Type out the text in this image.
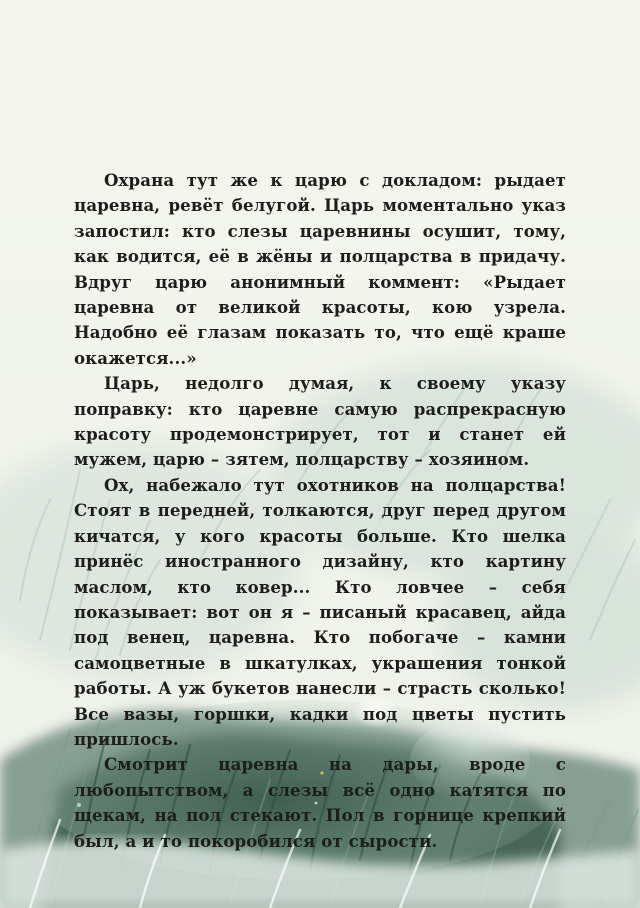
Охрана тут же к царю с докладом: рыдает царевна, ревёт белугой. Царь моментально указ запостил: кто слезы царевнины осушит, тому, как водится, её в жёны и полцарства в придачу. Вдруг царю анонимный коммент: «Рыдает царевна от великой красоты, кою узрела. Надобно её глазам показать то, что ещё краше окажется...»

Царь, недолго думая, к своему указу поправку: кто царевне самую распрекрасную красоту продемонстрирует, тот и станет ей мужем, царю – зятем, полцарству – хозяином.

Ох, набежало тут охотников на полцарства! Стоят в передней, толкаются, друг перед другом кичатся, у кого красоты больше. Кто шелка принёс иностранного дизайну, кто картину маслом, кто ковер... Кто ловчее – себя показывает: вот он я – писаный красавец, айда под венец, царевна. Кто побогаче – камни самоцветные в шкатулках, украшения тонкой работы. А уж букетов нанесли – страсть сколько! Все вазы, горшки, кадки под цветы пустить пришлось.

Смотрит царевна на дары, вроде с любопытством, а слезы всё одно катятся по щекам, на пол стекают. Пол в горнице крепкий был, а и то покоробился от сырости.
